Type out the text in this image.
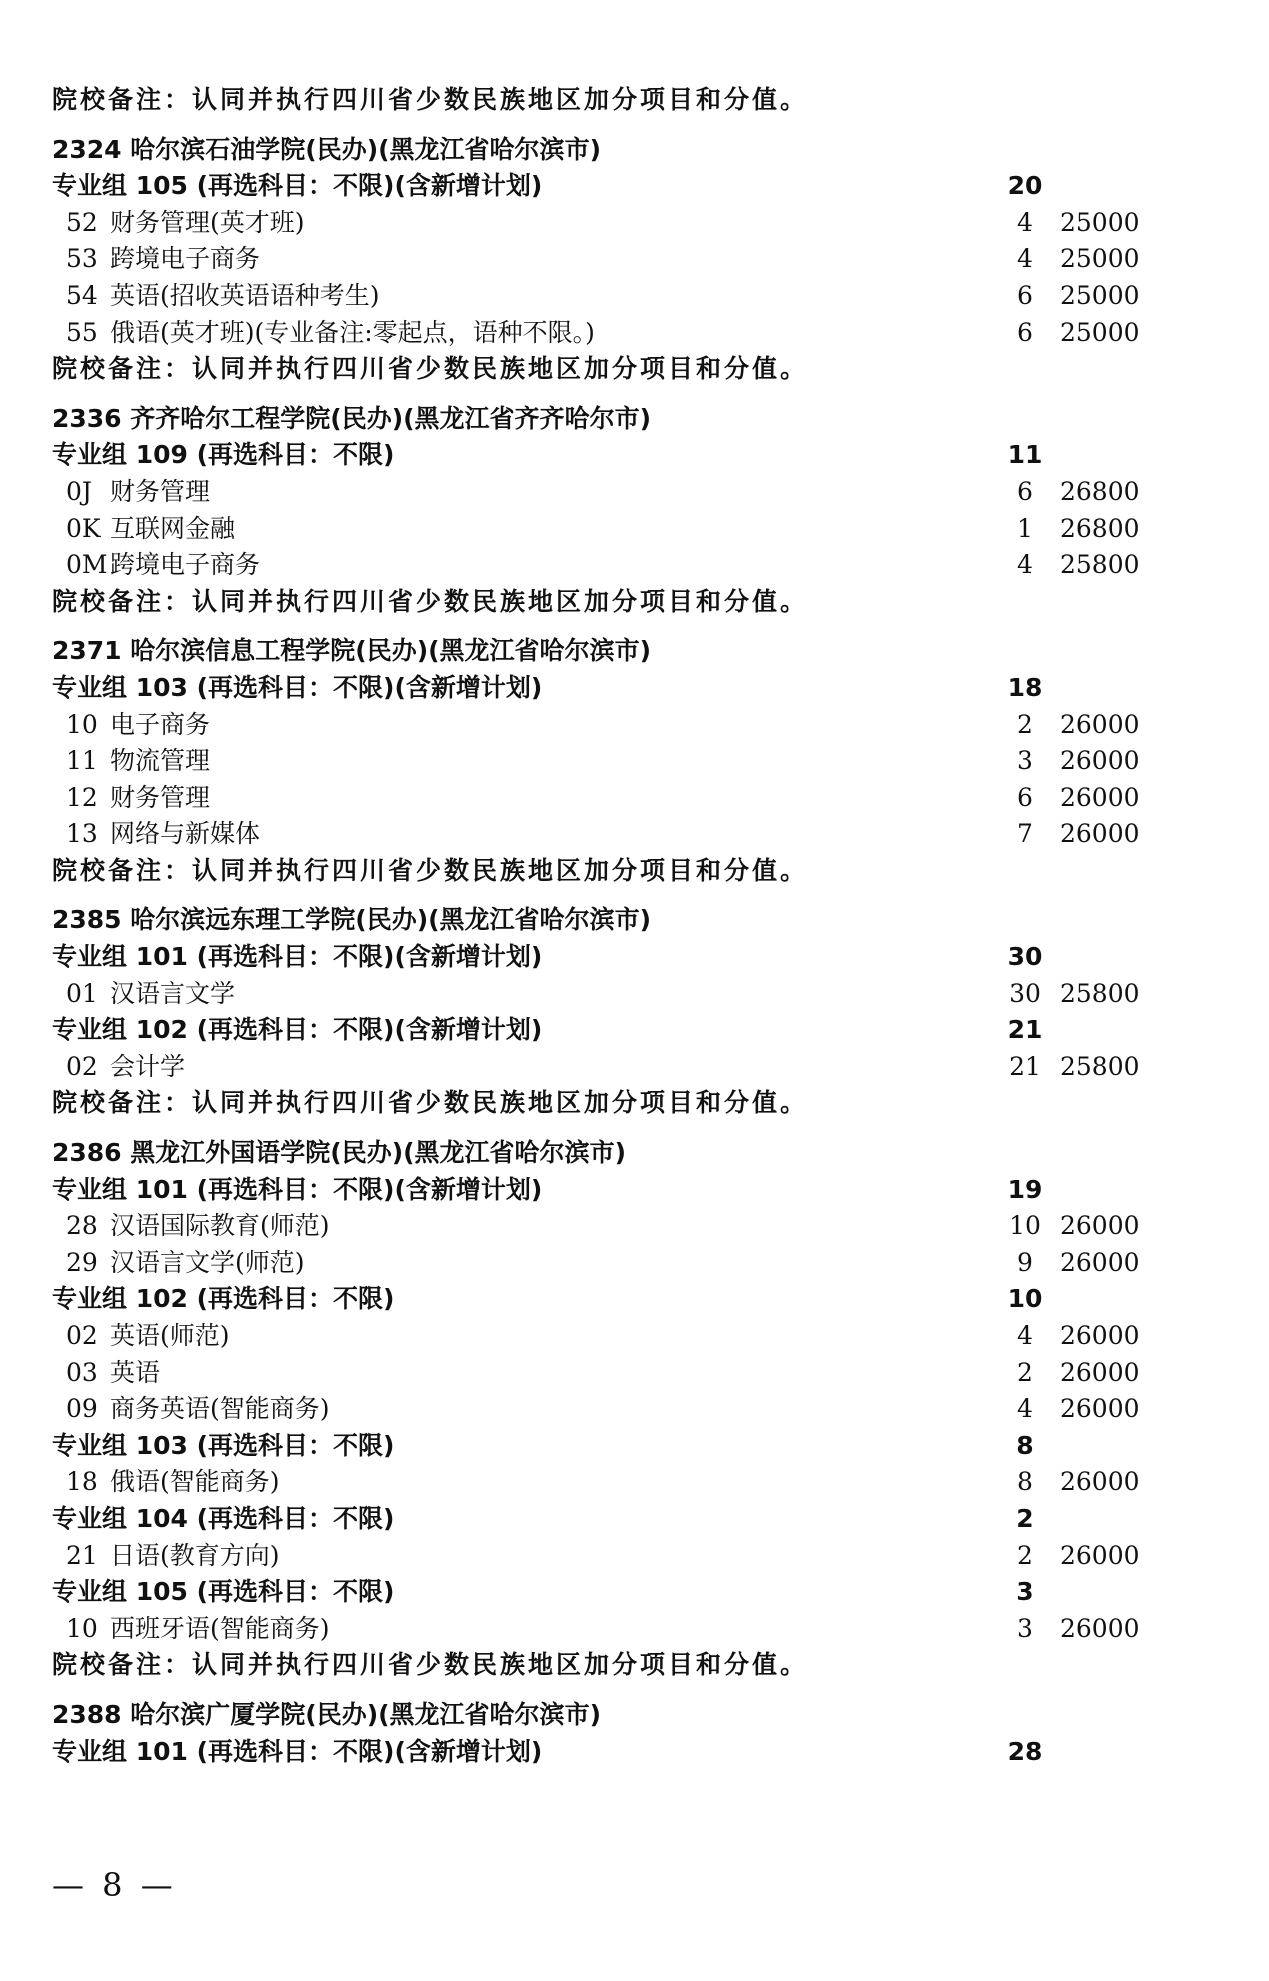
院校备注：认同并执行四川省少数民族地区加分项目和分值。
2324 哈尔滨石油学院(民办)(黑龙江省哈尔滨市)
专业组 105 (再选科目：不限)(含新增计划)	20
52 财务管理(英才班)	4	25000
53 跨境电子商务	4	25000
54 英语(招收英语语种考生)	6	25000
55 俄语(英才班)(专业备注:零起点，语种不限。)	6	25000
院校备注：认同并执行四川省少数民族地区加分项目和分值。
2336 齐齐哈尔工程学院(民办)(黑龙江省齐齐哈尔市)
专业组 109 (再选科目：不限)	11
0J 财务管理	6	26800
0K 互联网金融	1	26800
0M跨境电子商务	4	25800
院校备注：认同并执行四川省少数民族地区加分项目和分值。
2371 哈尔滨信息工程学院(民办)(黑龙江省哈尔滨市)
专业组 103 (再选科目：不限)(含新增计划)	18
10 电子商务	2	26000
11 物流管理	3	26000
12 财务管理	6	26000
13 网络与新媒体	7	26000
院校备注：认同并执行四川省少数民族地区加分项目和分值。
2385 哈尔滨远东理工学院(民办)(黑龙江省哈尔滨市)
专业组 101 (再选科目：不限)(含新增计划)	30
01 汉语言文学	30 25800
专业组 102 (再选科目：不限)(含新增计划)	21
02 会计学	21 25800
院校备注：认同并执行四川省少数民族地区加分项目和分值。
2386 黑龙江外国语学院(民办)(黑龙江省哈尔滨市)
专业组 101 (再选科目：不限)(含新增计划)	19
28 汉语国际教育(师范)	10 26000
29 汉语言文学(师范)	9	26000
专业组 102 (再选科目：不限)	10
02 英语(师范)	4	26000
03 英语	2	26000
09 商务英语(智能商务)	4	26000
专业组 103 (再选科目：不限)	8
18 俄语(智能商务)	8	26000
专业组 104 (再选科目：不限)	2
21 日语(教育方向)	2	26000
专业组 105 (再选科目：不限)	3
10 西班牙语(智能商务)	3	26000
院校备注：认同并执行四川省少数民族地区加分项目和分值。
2388 哈尔滨广厦学院(民办)(黑龙江省哈尔滨市)
专业组 101 (再选科目：不限)(含新增计划)	28
— 8 —
